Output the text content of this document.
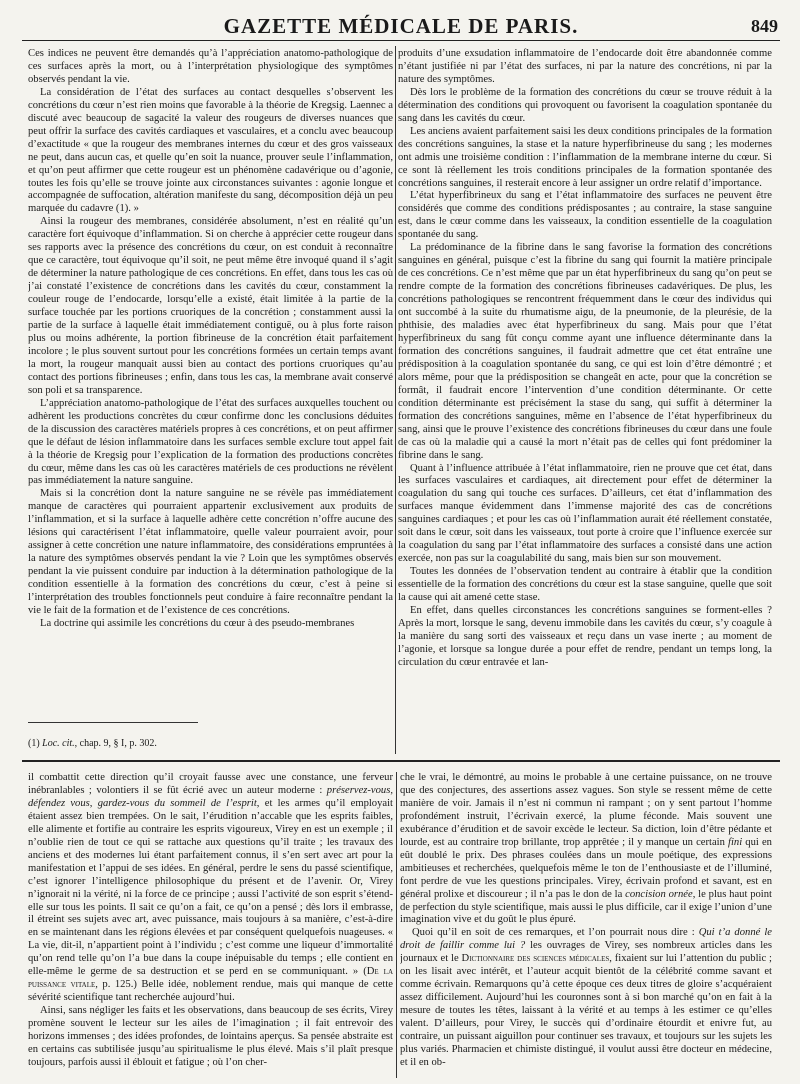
GAZETTE MÉDICALE DE PARIS.	849

Ces indices ne peuvent être demandés qu’à l’appréciation anatomo-pathologique de ces surfaces après la mort, ou à l’interprétation physiologique des symptômes observés pendant la vie.

La considération de l’état des surfaces au contact desquelles s’observent les concrétions du cœur n’est rien moins que favorable à la théorie de Kregsig. Laennec a discuté avec beaucoup de sagacité la valeur des rougeurs de diverses nuances que peut offrir la surface des cavités cardiaques et vasculaires, et a conclu avec beaucoup d’exactitude « que la rougeur des membranes internes du cœur et des gros vaisseaux ne peut, dans aucun cas, et quelle qu’en soit la nuance, prouver seule l’inflammation, et qu’on peut affirmer que cette rougeur est un phénomène cadavérique ou d’agonie, toutes les fois qu’elle se trouve jointe aux circonstances suivantes : agonie longue et accompagnée de suffocation, altération manifeste du sang, décomposition déjà un peu marquée du cadavre (1). »

Ainsi la rougeur des membranes, considérée absolument, n’est en réalité qu’un caractère fort équivoque d’inflammation. Si on cherche à apprécier cette rougeur dans ses rapports avec la présence des concrétions du cœur, on est conduit à reconnaître que ce caractère, tout équivoque qu’il soit, ne peut même être invoqué quand il s’agit de déterminer la nature pathologique de ces concrétions. En effet, dans tous les cas où j’ai constaté l’existence de concrétions dans les cavités du cœur, constamment la couleur rouge de l’endocarde, lorsqu’elle a existé, était limitée à la partie de la surface touchée par les portions cruoriques de la concrétion ; constamment aussi la partie de la surface à laquelle était immédiatement contiguë, ou à plus forte raison plus ou moins adhérente, la portion fibrineuse de la concrétion était parfaitement incolore ; le plus souvent surtout pour les concrétions formées un certain temps avant la mort, la rougeur manquait aussi bien au contact des portions cruoriques qu’au contact des portions fibrineuses ; enfin, dans tous les cas, la membrane avait conservé son poli et sa transparence.

L’appréciation anatomo-pathologique de l’état des surfaces auxquelles touchent ou adhèrent les productions concrètes du cœur confirme donc les conclusions déduites de la discussion des caractères matériels propres à ces concrétions, et on peut affirmer que le défaut de lésion inflammatoire dans les surfaces semble exclure tout appel fait à la théorie de Kregsig pour l’explication de la formation des productions concrètes du cœur, même dans les cas où les caractères matériels de ces productions ne révèlent pas immédiatement la nature sanguine.

Mais si la concrétion dont la nature sanguine ne se révèle pas immédiatement manque de caractères qui pourraient appartenir exclusivement aux produits de l’inflammation, et si la surface à laquelle adhère cette concrétion n’offre aucune des lésions qui caractérisent l’état inflammatoire, quelle valeur pourraient avoir, pour assigner à cette concrétion une nature inflammatoire, des considérations empruntées à la nature des symptômes observés pendant la vie ? Loin que les symptômes observés pendant la vie puissent conduire par induction à la détermination pathologique de la condition essentielle à la formation des concrétions du cœur, c’est à peine si l’interprétation des troubles fonctionnels peut conduire à faire reconnaître pendant la vie le fait de la formation et de l’existence de ces concrétions.

La doctrine qui assimile les concrétions du cœur à des pseudo-membranes

(1) Loc. cit., chap. 9, § I, p. 302.

produits d’une exsudation inflammatoire de l’endocarde doit être abandonnée comme n’étant justifiée ni par l’état des surfaces, ni par la nature des concrétions, ni par la nature des symptômes.

Dès lors le problème de la formation des concrétions du cœur se trouve réduit à la détermination des conditions qui provoquent ou favorisent la coagulation spontanée du sang dans les cavités du cœur.

Les anciens avaient parfaitement saisi les deux conditions principales de la formation des concrétions sanguines, la stase et la nature hyperfibrineuse du sang ; les modernes ont admis une troisième condition : l’inflammation de la membrane interne du cœur. Si ce sont là réellement les trois conditions principales de la formation spontanée des concrétions sanguines, il resterait encore à leur assigner un ordre relatif d’importance.

L’état hyperfibrineux du sang et l’état inflammatoire des surfaces ne peuvent être considérés que comme des conditions prédisposantes ; au contraire, la stase sanguine est, dans le cœur comme dans les vaisseaux, la condition essentielle de la coagulation spontanée du sang.

La prédominance de la fibrine dans le sang favorise la formation des concrétions sanguines en général, puisque c’est la fibrine du sang qui fournit la matière principale de ces concrétions. Ce n’est même que par un état hyperfibrineux du sang qu’on peut se rendre compte de la formation des concrétions fibrineuses cadavériques. De plus, les concrétions pathologiques se rencontrent fréquemment dans le cœur des individus qui ont succombé à la suite du rhumatisme aigu, de la pneumonie, de la pleurésie, de la phthisie, des maladies avec état hyperfibrineux du sang. Mais pour que l’état hyperfibrineux du sang fût conçu comme ayant une influence déterminante dans la formation des concrétions sanguines, il faudrait admettre que cet état entraîne une prédisposition à la coagulation spontanée du sang, ce qui est loin d’être démontré ; et alors même, pour que la prédisposition se changeât en acte, pour que la concrétion se formât, il faudrait encore l’intervention d’une condition déterminante. Or cette condition déterminante est précisément la stase du sang, qui suffit à déterminer la formation des concrétions sanguines, même en l’absence de l’état hyperfibrineux du sang, ainsi que le prouve l’existence des concrétions fibrineuses du cœur dans une foule de cas où la maladie qui a causé la mort n’était pas de celles qui font prédominer la fibrine dans le sang.

Quant à l’influence attribuée à l’état inflammatoire, rien ne prouve que cet état, dans les surfaces vasculaires et cardiaques, ait directement pour effet de déterminer la coagulation du sang qui touche ces surfaces. D’ailleurs, cet état d’inflammation des surfaces manque évidemment dans l’immense majorité des cas de concrétions sanguines cardiaques ; et pour les cas où l’inflammation aurait été réellement constatée, soit dans le cœur, soit dans les vaisseaux, tout porte à croire que l’influence exercée sur la coagulation du sang par l’état inflammatoire des surfaces a consisté dans une action exercée, non pas sur la coagulabilité du sang, mais bien sur son mouvement.

Toutes les données de l’observation tendent au contraire à établir que la condition essentielle de la formation des concrétions du cœur est la stase sanguine, quelle que soit la cause qui ait amené cette stase.

En effet, dans quelles circonstances les concrétions sanguines se forment-elles ? Après la mort, lorsque le sang, devenu immobile dans les cavités du cœur, s’y coagule à la manière du sang sorti des vaisseaux et reçu dans un vase inerte ; au moment de l’agonie, et lorsque sa longue durée a pour effet de rendre, pendant un temps long, la circulation du cœur entravée et lan-

il combattit cette direction qu’il croyait fausse avec une constance, une ferveur inébranlables ; volontiers il se fût écrié avec un auteur moderne : préservez-vous, défendez vous, gardez-vous du sommeil de l’esprit, et les armes qu’il employait étaient assez bien trempées. On le sait, l’érudition n’accable que les esprits faibles, elle alimente et fortifie au contraire les esprits vigoureux, Virey en est un exemple ; il n’oublie rien de tout ce qui se rattache aux questions qu’il traite ; les travaux des anciens et des modernes lui étant parfaitement connus, il s’en sert avec art pour la manifestation et l’appui de ses idées. En général, perdre le sens du passé scientifique, c’est ignorer l’intelligence philosophique du présent et de l’avenir. Or, Virey n’ignorait ni la vérité, ni la force de ce principe ; aussi l’activité de son esprit s’étend-elle sur tous les points. Il sait ce qu’on a fait, ce qu’on a pensé ; dès lors il embrasse, il étreint ses sujets avec art, avec puissance, mais toujours à sa manière, c’est-à-dire en se maintenant dans les régions élevées et par conséquent quelquefois nuageuses. « La vie, dit-il, n’appartient point à l’individu ; c’est comme une liqueur d’immortalité qu’on rend telle qu’on l’a bue dans la coupe inépuisable du temps ; elle contient en elle-même le germe de sa destruction et se perd en se communiquant. » (De la puissance vitale, p. 125.) Belle idée, noblement rendue, mais qui manque de cette sévérité scientifique tant recherchée aujourd’hui.

Ainsi, sans négliger les faits et les observations, dans beaucoup de ses écrits, Virey promène souvent le lecteur sur les ailes de l’imagination ; il fait entrevoir des horizons immenses ; des idées profondes, de lointains aperçus. Sa pensée abstraite est en certains cas subtilisée jusqu’au spiritualisme le plus élevé. Mais s’il plaît presque toujours, parfois aussi il éblouit et fatigue ; où l’on cher-

che le vrai, le démontré, au moins le probable à une certaine puissance, on ne trouve que des conjectures, des assertions assez vagues. Son style se ressent même de cette manière de voir. Jamais il n’est ni commun ni rampant ; on y sent partout l’homme profondément instruit, l’écrivain exercé, la plume féconde. Mais souvent une exubérance d’érudition et de savoir excède le lecteur. Sa diction, loin d’être pédante et lourde, est au contraire trop brillante, trop apprêtée ; il y manque un certain fini qui en eût doublé le prix. Des phrases coulées dans un moule poétique, des expressions ambitieuses et recherchées, quelquefois même le ton de l’enthousiaste et de l’illuminé, font perdre de vue les questions principales. Virey, écrivain profond et savant, est en général prolixe et discoureur ; il n’a pas le don de la concision ornée, le plus haut point de perfection du style scientifique, mais aussi le plus difficile, car il exige l’union d’une imagination vive et du goût le plus épuré.

Quoi qu’il en soit de ces remarques, et l’on pourrait nous dire : Qui t’a donné le droit de faillir comme lui ? les ouvrages de Virey, ses nombreux articles dans les journaux et le Dictionnaire des sciences médicales, fixaient sur lui l’attention du public ; on les lisait avec intérêt, et l’auteur acquit bientôt de la célébrité comme savant et comme écrivain. Remarquons qu’à cette époque ces deux titres de gloire s’acquéraient assez difficilement. Aujourd’hui les couronnes sont à si bon marché qu’on en fait à la mesure de toutes les têtes, laissant à la vérité et au temps à les estimer ce qu’elles valent. D’ailleurs, pour Virey, le succès qui d’ordinaire étourdit et enivre fut, au contraire, un puissant aiguillon pour continuer ses travaux, et toujours sur les sujets les plus variés. Pharmacien et chimiste distingué, il voulut aussi être docteur en médecine, et il en ob-
